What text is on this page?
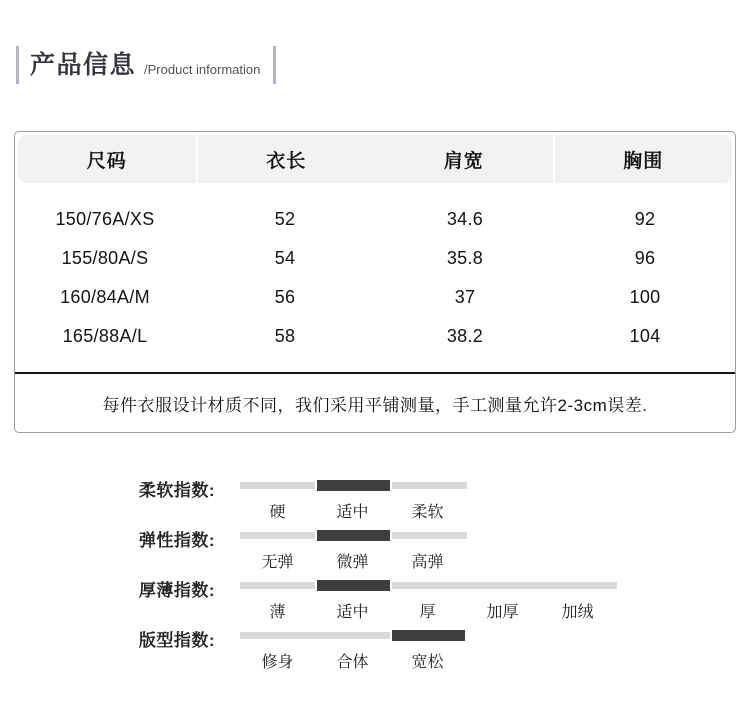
产品信息 /Product information
尺码	衣长	肩宽	胸围
150/76A/XS	52	34.6	92
155/80A/S	54	35.8	96
160/84A/M	56	37	100
165/88A/L	58	38.2	104
每件衣服设计材质不同，我们采用平铺测量，手工测量允许2-3cm误差.
柔软指数:
硬	适中	柔软
弹性指数:
无弹	微弹	高弹
厚薄指数:
薄	适中	厚	加厚	加绒
版型指数:
修身	合体	宽松
